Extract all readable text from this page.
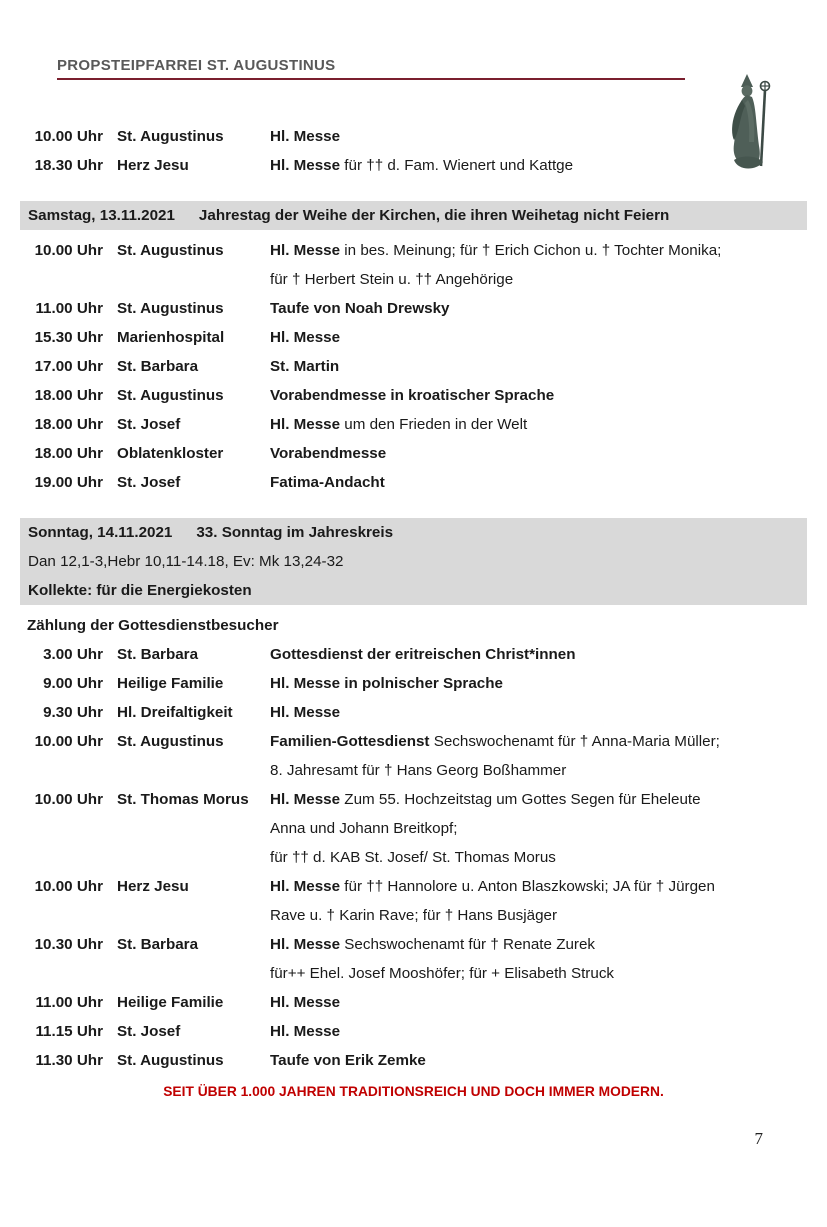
PROPSTEIPFARREI ST. AUGUSTINUS
10.00 Uhr St. Augustinus	Hl. Messe
18.30 Uhr Herz Jesu	Hl. Messe für †† d. Fam. Wienert und Kattge
Samstag, 13.11.2021 Jahrestag der Weihe der Kirchen, die ihren Weihetag nicht Feiern
10.00 Uhr St. Augustinus	Hl. Messe in bes. Meinung; für † Erich Cichon u. † Tochter Monika;
für † Herbert Stein u. †† Angehörige
11.00 Uhr St. Augustinus	Taufe von Noah Drewsky
15.30 Uhr Marienhospital	Hl. Messe
17.00 Uhr St. Barbara	St. Martin
18.00 Uhr St. Augustinus	Vorabendmesse in kroatischer Sprache
18.00 Uhr St. Josef	Hl. Messe um den Frieden in der Welt
18.00 Uhr Oblatenkloster	Vorabendmesse
19.00 Uhr St. Josef	Fatima-Andacht
Sonntag, 14.11.2021 33. Sonntag im Jahreskreis
Dan 12,1-3,Hebr 10,11-14.18, Ev: Mk 13,24-32
Kollekte: für die Energiekosten
Zählung der Gottesdienstbesucher
3.00 Uhr St. Barbara	Gottesdienst der eritreischen Christ*innen
9.00 Uhr Heilige Familie	Hl. Messe in polnischer Sprache
9.30 Uhr Hl. Dreifaltigkeit	Hl. Messe
10.00 Uhr St. Augustinus	Familien-Gottesdienst Sechswochenamt für † Anna-Maria Müller;
8. Jahresamt für † Hans Georg Boßhammer
10.00 Uhr St. Thomas Morus	Hl. Messe Zum 55. Hochzeitstag um Gottes Segen für Eheleute
Anna und Johann Breitkopf;
für †† d. KAB St. Josef/ St. Thomas Morus
10.00 Uhr Herz Jesu	Hl. Messe für †† Hannolore u. Anton Blaszkowski; JA für † Jürgen
Rave u. † Karin Rave; für † Hans Busjäger
10.30 Uhr St. Barbara	Hl. Messe Sechswochenamt für † Renate Zurek
für++ Ehel. Josef Mooshöfer; für + Elisabeth Struck
11.00 Uhr Heilige Familie	Hl. Messe
11.15 Uhr St. Josef	Hl. Messe
11.30 Uhr St. Augustinus	Taufe von Erik Zemke
SEIT ÜBER 1.000 JAHREN TRADITIONSREICH UND DOCH IMMER MODERN.
7
